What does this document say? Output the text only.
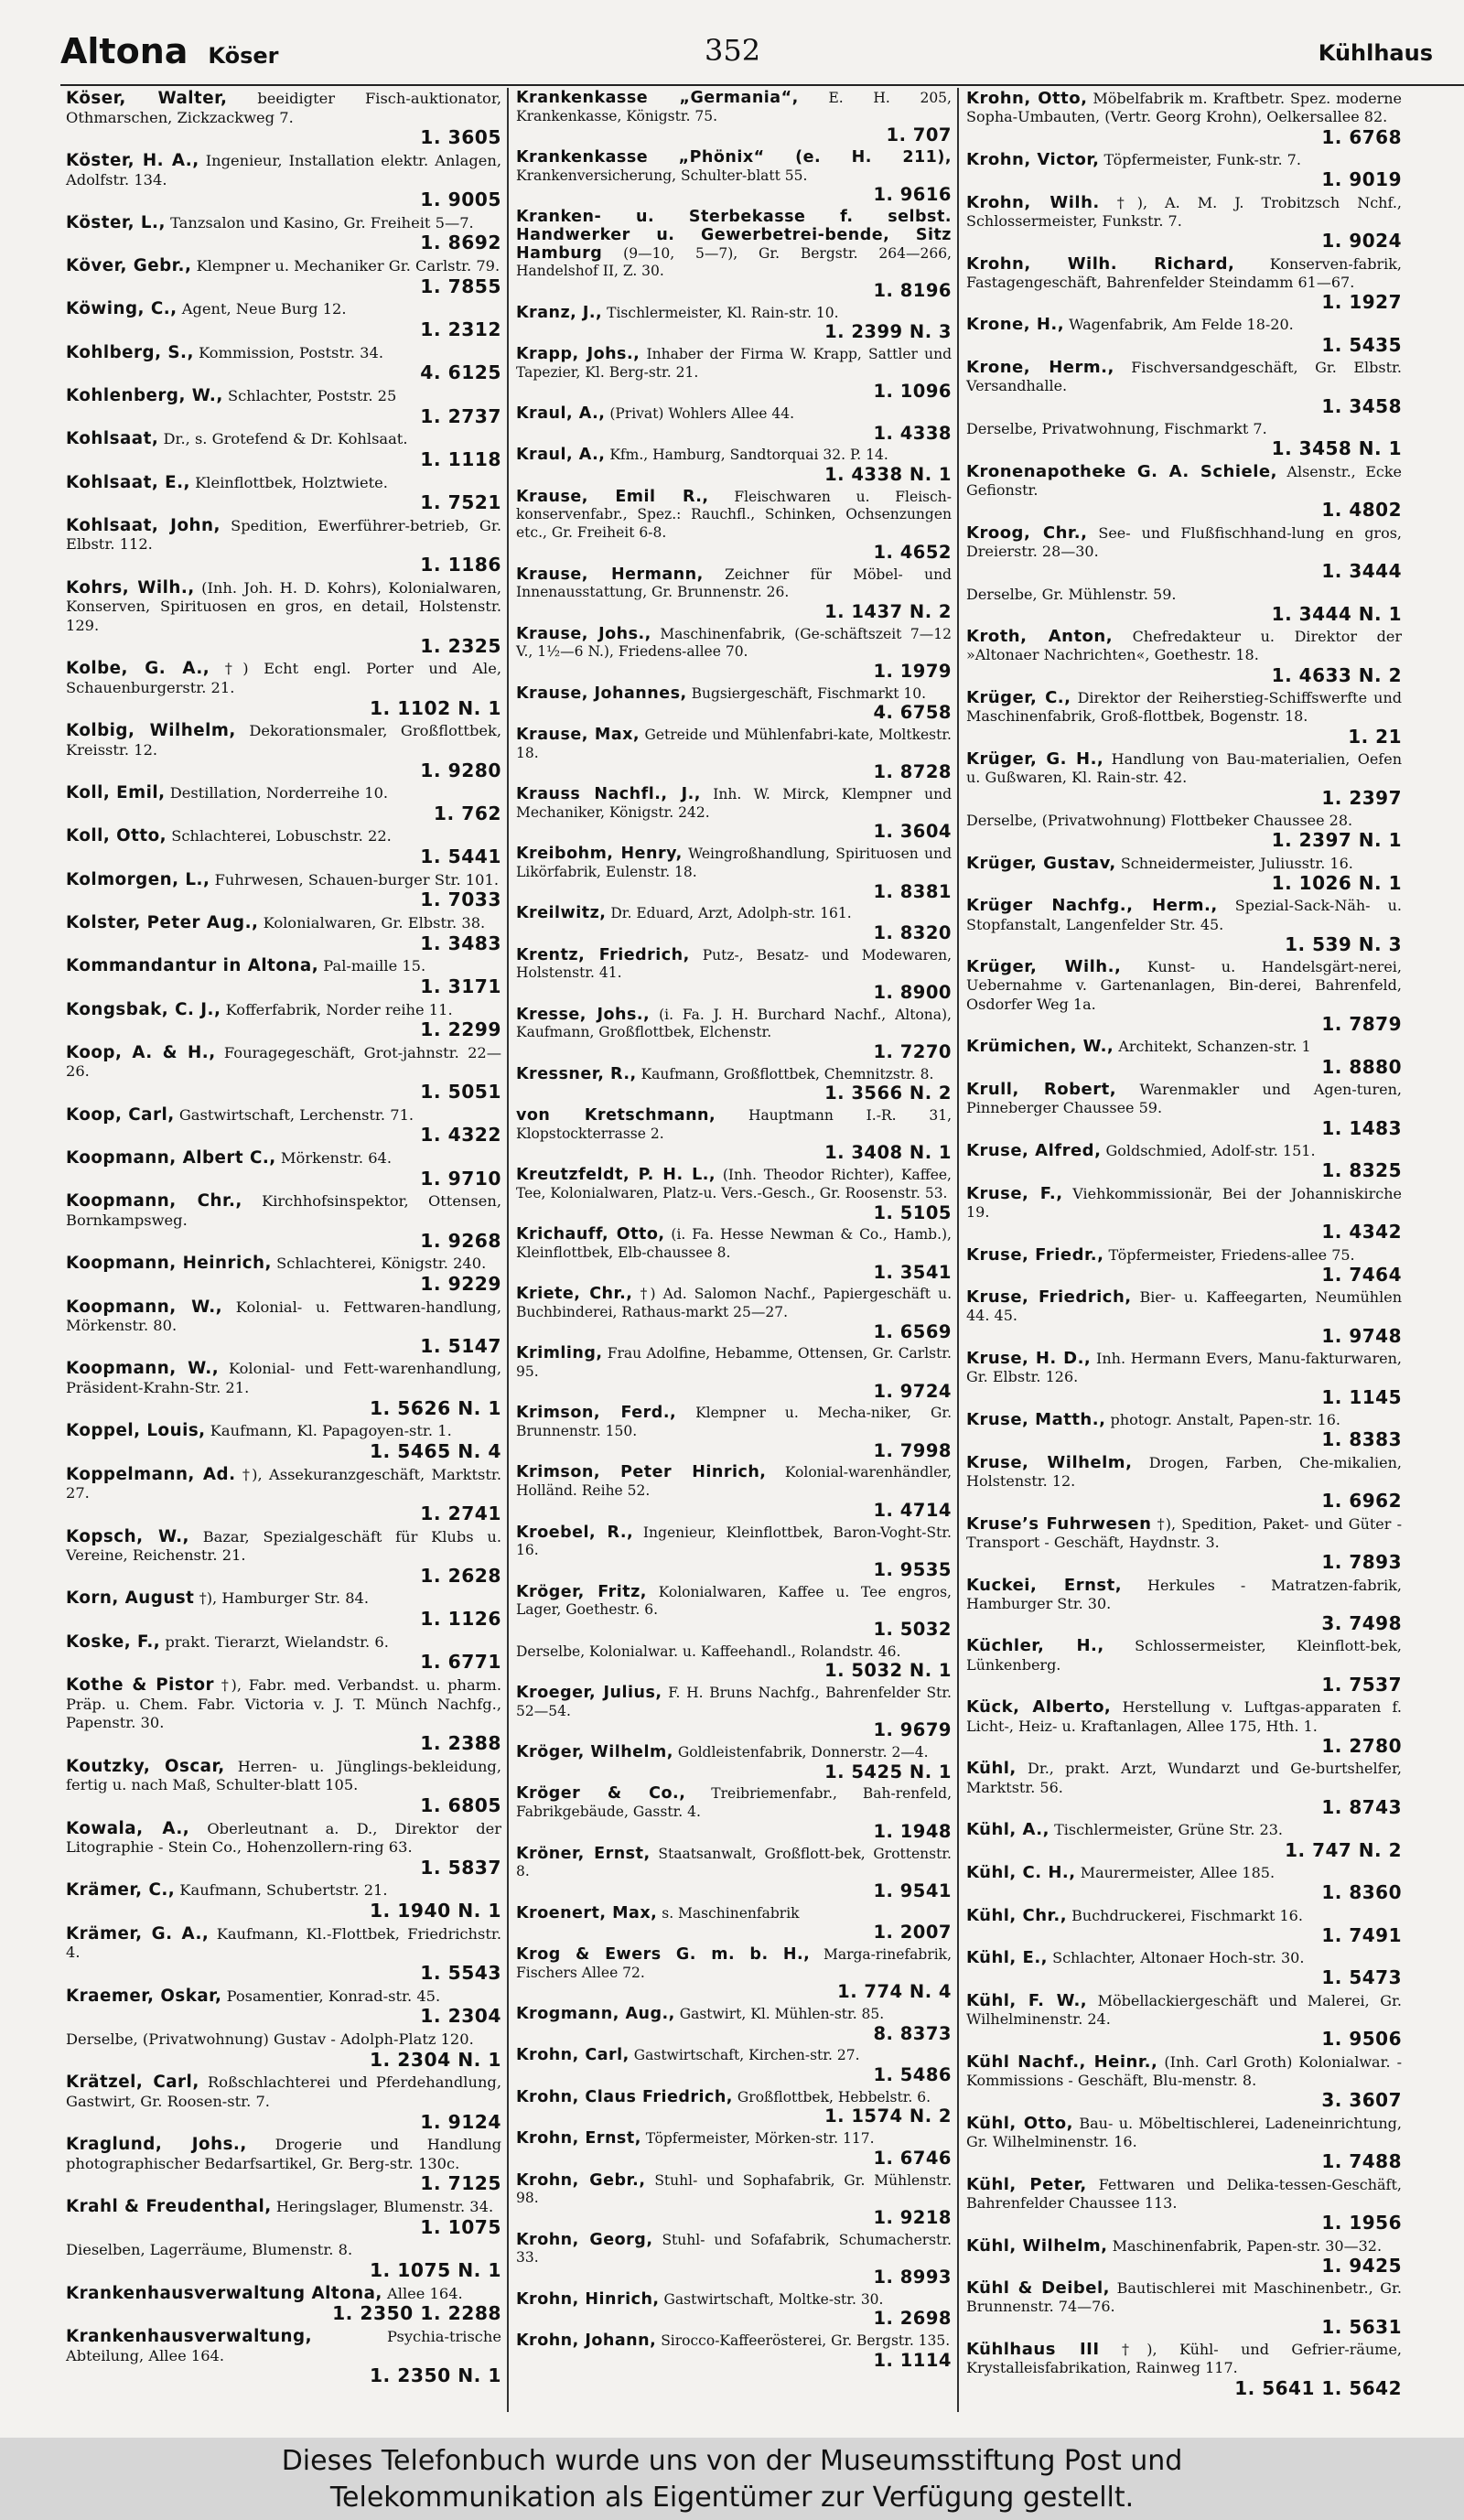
Altona Köser	352	Kühlhaus
Köser, Walter, beeidigter Fisch-auktionator, Othmarschen, Zickzackweg 7.
1. 3605
Köster, H. A., Ingenieur, Installation elektr. Anlagen, Adolfstr. 134.
1. 9005
Köster, L., Tanzsalon und Kasino, Gr. Freiheit 5—7.
1. 8692
Köver, Gebr., Klempner u. Mechaniker Gr. Carlstr. 79.
1. 7855
Köwing, C., Agent, Neue Burg 12.
1. 2312
Kohlberg, S., Kommission, Poststr. 34.
4. 6125
Kohlenberg, W., Schlachter, Poststr. 25
1. 2737
Kohlsaat, Dr., s. Grotefend & Dr. Kohlsaat.
1. 1118
Kohlsaat, E., Kleinflottbek, Holztwiete.
1. 7521
Kohlsaat, John, Spedition, Ewerführer-betrieb, Gr. Elbstr. 112.
1. 1186
Kohrs, Wilh., (Inh. Joh. H. D. Kohrs), Kolonialwaren, Konserven, Spirituosen en gros, en detail, Holstenstr. 129.
1. 2325
Kolbe, G. A., †) Echt engl. Porter und Ale, Schauenburgerstr. 21.
1. 1102 N. 1
Kolbig, Wilhelm, Dekorationsmaler, Großflottbek, Kreisstr. 12.
1. 9280
Koll, Emil, Destillation, Norderreihe 10.
1. 762
Koll, Otto, Schlachterei, Lobuschstr. 22.
1. 5441
Kolmorgen, L., Fuhrwesen, Schauen-burger Str. 101.
1. 7033
Kolster, Peter Aug., Kolonialwaren, Gr. Elbstr. 38.
1. 3483
Kommandantur in Altona, Pal-maille 15.
1. 3171
Kongsbak, C. J., Kofferfabrik, Norder reihe 11.
1. 2299
Koop, A. & H., Fouragegeschäft, Grot-jahnstr. 22—26.
1. 5051
Koop, Carl, Gastwirtschaft, Lerchenstr. 71.
1. 4322
Koopmann, Albert C., Mörkenstr. 64.
1. 9710
Koopmann, Chr., Kirchhofsinspektor, Ottensen, Bornkampsweg.
1. 9268
Koopmann, Heinrich, Schlachterei, Königstr. 240.
1. 9229
Koopmann, W., Kolonial- u. Fettwaren-handlung, Mörkenstr. 80.
1. 5147
Koopmann, W., Kolonial- und Fett-warenhandlung, Präsident-Krahn-Str. 21.
1. 5626 N. 1
Koppel, Louis, Kaufmann, Kl. Papagoyen-str. 1.
1. 5465 N. 4
Koppelmann, Ad. †), Assekuranzgeschäft, Marktstr. 27.
1. 2741
Kopsch, W., Bazar, Spezialgeschäft für Klubs u. Vereine, Reichenstr. 21.
1. 2628
Korn, August †), Hamburger Str. 84.
1. 1126
Koske, F., prakt. Tierarzt, Wielandstr. 6.
1. 6771
Kothe & Pistor †), Fabr. med. Verbandst. u. pharm. Präp. u. Chem. Fabr. Victoria v. J. T. Münch Nachfg., Papenstr. 30.
1. 2388
Koutzky, Oscar, Herren- u. Jünglings-bekleidung, fertig u. nach Maß, Schulter-blatt 105.
1. 6805
Kowala, A., Oberleutnant a. D., Direktor der Litographie - Stein Co., Hohenzollern-ring 63.
1. 5837
Krämer, C., Kaufmann, Schubertstr. 21.
1. 1940 N. 1
Krämer, G. A., Kaufmann, Kl.-Flottbek, Friedrichstr. 4.
1. 5543
Kraemer, Oskar, Posamentier, Konrad-str. 45.
1. 2304
Derselbe, (Privatwohnung) Gustav - Adolph-Platz 120.
1. 2304 N. 1
Krätzel, Carl, Roßschlachterei und Pferdehandlung, Gastwirt, Gr. Roosen-str. 7.
1. 9124
Kraglund, Johs., Drogerie und Handlung photographischer Bedarfsartikel, Gr. Berg-str. 130c.
1. 7125
Krahl & Freudenthal, Heringslager, Blumenstr. 34.
1. 1075
Dieselben, Lagerräume, Blumenstr. 8.
1. 1075 N. 1
Krankenhausverwaltung Altona, Allee 164.
1. 2350 1. 2288
Krankenhausverwaltung,	Psychia-trische Abteilung, Allee 164.
1. 2350 N. 1
Krankenkasse „Germania“, E. H. 205, Krankenkasse, Königstr. 75.
1. 707
Krankenkasse „Phönix“ (e. H. 211), Krankenversicherung, Schulter-blatt 55.
1. 9616
Kranken- u. Sterbekasse f. selbst. Handwerker u. Gewerbetrei-bende, Sitz Hamburg (9—10, 5—7), Gr. Bergstr. 264—266, Handelshof II, Z. 30.
1. 8196
Kranz, J., Tischlermeister, Kl. Rain-str. 10.
1. 2399 N. 3
Krapp, Johs., Inhaber der Firma W. Krapp, Sattler und Tapezier, Kl. Berg-str. 21.
1. 1096
Kraul, A., (Privat) Wohlers Allee 44.
1. 4338
Kraul, A., Kfm., Hamburg, Sandtorquai 32. P. 14.
1. 4338 N. 1
Krause, Emil R., Fleischwaren u. Fleisch-konservenfabr., Spez.: Rauchfl., Schinken, Ochsenzungen etc., Gr. Freiheit 6-8.
1. 4652
Krause, Hermann, Zeichner für Möbel- und Innenausstattung, Gr. Brunnenstr. 26.
1. 1437 N. 2
Krause, Johs., Maschinenfabrik, (Ge-schäftszeit 7—12 V., 1½—6 N.), Friedens-allee 70.
1. 1979
Krause, Johannes, Bugsiergeschäft, Fischmarkt 10.
4. 6758
Krause, Max, Getreide und Mühlenfabri-kate, Moltkestr. 18.
1. 8728
Krauss Nachfl., J., Inh. W. Mirck, Klempner und Mechaniker, Königstr. 242.
1. 3604
Kreibohm, Henry, Weingroßhandlung, Spirituosen und Likörfabrik, Eulenstr. 18.
1. 8381
Kreilwitz, Dr. Eduard, Arzt, Adolph-str. 161.
1. 8320
Krentz, Friedrich, Putz-, Besatz- und Modewaren, Holstenstr. 41.
1. 8900
Kresse, Johs., (i. Fa. J. H. Burchard Nachf., Altona), Kaufmann, Großflottbek, Elchenstr.
1. 7270
Kressner, R., Kaufmann, Großflottbek, Chemnitzstr. 8.
1. 3566 N. 2
von Kretschmann, Hauptmann I.-R. 31, Klopstockterrasse 2.
1. 3408 N. 1
Kreutzfeldt, P. H. L., (Inh. Theodor Richter), Kaffee, Tee, Kolonialwaren, Platz-u. Vers.-Gesch., Gr. Roosenstr. 53.
1. 5105
Krichauff, Otto, (i. Fa. Hesse Newman & Co., Hamb.), Kleinflottbek, Elb-chaussee 8.
1. 3541
Kriete, Chr., †) Ad. Salomon Nachf., Papiergeschäft u. Buchbinderei, Rathaus-markt 25—27.
1. 6569
Krimling, Frau Adolfine, Hebamme, Ottensen, Gr. Carlstr. 95.
1. 9724
Krimson, Ferd., Klempner u. Mecha-niker, Gr. Brunnenstr. 150.
1. 7998
Krimson, Peter Hinrich, Kolonial-warenhändler, Holländ. Reihe 52.
1. 4714
Kroebel, R., Ingenieur, Kleinflottbek, Baron-Voght-Str. 16.
1. 9535
Kröger, Fritz, Kolonialwaren, Kaffee u. Tee engros, Lager, Goethestr. 6.
1. 5032
Derselbe, Kolonialwar. u. Kaffeehandl., Rolandstr. 46.
1. 5032 N. 1
Kroeger, Julius, F. H. Bruns Nachfg., Bahrenfelder Str. 52—54.
1. 9679
Kröger, Wilhelm, Goldleistenfabrik, Donnerstr. 2—4.
1. 5425 N. 1
Kröger & Co., Treibriemenfabr., Bah-renfeld, Fabrikgebäude, Gasstr. 4.
1. 1948
Kröner, Ernst, Staatsanwalt, Großflott-bek, Grottenstr. 8.
1. 9541
Kroenert, Max, s. Maschinenfabrik
1. 2007
Krog & Ewers G. m. b. H., Marga-rinefabrik, Fischers Allee 72.
1. 774 N. 4
Krogmann, Aug., Gastwirt, Kl. Mühlen-str. 85.
8. 8373
Krohn, Carl, Gastwirtschaft, Kirchen-str. 27.
1. 5486
Krohn, Claus Friedrich, Großflottbek, Hebbelstr. 6.
1. 1574 N. 2
Krohn, Ernst, Töpfermeister, Mörken-str. 117.
1. 6746
Krohn, Gebr., Stuhl- und Sophafabrik, Gr. Mühlenstr. 98.
1. 9218
Krohn, Georg, Stuhl- und Sofafabrik, Schumacherstr. 33.
1. 8993
Krohn, Hinrich, Gastwirtschaft, Moltke-str. 30.
1. 2698
Krohn, Johann, Sirocco-Kaffeerösterei, Gr. Bergstr. 135.
1. 1114
Krohn, Otto, Möbelfabrik m. Kraftbetr. Spez. moderne Sopha-Umbauten, (Vertr. Georg Krohn), Oelkersallee 82.
1. 6768
Krohn, Victor, Töpfermeister, Funk-str. 7.
1. 9019
Krohn, Wilh. †), A. M. J. Trobitzsch Nchf., Schlossermeister, Funkstr. 7.
1. 9024
Krohn, Wilh. Richard, Konserven-fabrik, Fastagengeschäft, Bahrenfelder Steindamm 61—67.
1. 1927
Krone, H., Wagenfabrik, Am Felde 18-20.
1. 5435
Krone, Herm., Fischversandgeschäft, Gr. Elbstr. Versandhalle.
1. 3458
Derselbe, Privatwohnung, Fischmarkt 7.
1. 3458 N. 1
Kronenapotheke G. A. Schiele, Alsenstr., Ecke Gefionstr.
1. 4802
Kroog, Chr., See- und Flußfischhand-lung en gros, Dreierstr. 28—30.
1. 3444
Derselbe, Gr. Mühlenstr. 59.
1. 3444 N. 1
Kroth, Anton, Chefredakteur u. Direktor der »Altonaer Nachrichten«, Goethestr. 18.
1. 4633 N. 2
Krüger, C., Direktor der Reiherstieg-Schiffswerfte und Maschinenfabrik, Groß-flottbek, Bogenstr. 18.
1. 21
Krüger, G. H., Handlung von Bau-materialien, Oefen u. Gußwaren, Kl. Rain-str. 42.
1. 2397
Derselbe, (Privatwohnung) Flottbeker Chaussee 28.
1. 2397 N. 1
Krüger, Gustav, Schneidermeister, Juliusstr. 16.
1. 1026 N. 1
Krüger Nachfg., Herm., Spezial-Sack-Näh- u. Stopfanstalt, Langenfelder Str. 45.
1. 539 N. 3
Krüger, Wilh., Kunst- u. Handelsgärt-nerei, Uebernahme v. Gartenanlagen, Bin-derei, Bahrenfeld, Osdorfer Weg 1a.
1. 7879
Krümichen, W., Architekt, Schanzen-str. 1
1. 8880
Krull, Robert, Warenmakler und Agen-turen, Pinneberger Chaussee 59.
1. 1483
Kruse, Alfred, Goldschmied, Adolf-str. 151.
1. 8325
Kruse, F., Viehkommissionär, Bei der Johanniskirche 19.
1. 4342
Kruse, Friedr., Töpfermeister, Friedens-allee 75.
1. 7464
Kruse, Friedrich, Bier- u. Kaffeegarten, Neumühlen 44. 45.
1. 9748
Kruse, H. D., Inh. Hermann Evers, Manu-fakturwaren, Gr. Elbstr. 126.
1. 1145
Kruse, Matth., photogr. Anstalt, Papen-str. 16.
1. 8383
Kruse, Wilhelm, Drogen, Farben, Che-mikalien, Holstenstr. 12.
1. 6962
Kruse’s Fuhrwesen †), Spedition, Paket- und Güter - Transport - Geschäft, Haydnstr. 3.
1. 7893
Kuckei, Ernst, Herkules - Matratzen-fabrik, Hamburger Str. 30.
3. 7498
Küchler, H., Schlossermeister, Kleinflott-bek, Lünkenberg.
1. 7537
Kück, Alberto, Herstellung v. Luftgas-apparaten f. Licht-, Heiz- u. Kraftanlagen, Allee 175, Hth. 1.
1. 2780
Kühl, Dr., prakt. Arzt, Wundarzt und Ge-burtshelfer, Marktstr. 56.
1. 8743
Kühl, A., Tischlermeister, Grüne Str. 23.
1. 747 N. 2
Kühl, C. H., Maurermeister, Allee 185.
1. 8360
Kühl, Chr., Buchdruckerei, Fischmarkt 16.
1. 7491
Kühl, E., Schlachter, Altonaer Hoch-str. 30.
1. 5473
Kühl, F. W., Möbellackiergeschäft und Malerei, Gr. Wilhelminenstr. 24.
1. 9506
Kühl Nachf., Heinr., (Inh. Carl Groth) Kolonialwar. - Kommissions - Geschäft, Blu-menstr. 8.
3. 3607
Kühl, Otto, Bau- u. Möbeltischlerei, Ladeneinrichtung, Gr. Wilhelminenstr. 16.
1. 7488
Kühl, Peter, Fettwaren und Delika-tessen-Geschäft, Bahrenfelder Chaussee 113.
1. 1956
Kühl, Wilhelm, Maschinenfabrik, Papen-str. 30—32.
1. 9425
Kühl & Deibel, Bautischlerei mit Maschinenbetr., Gr. Brunnenstr. 74—76.
1. 5631
Kühlhaus III †), Kühl- und Gefrier-räume, Krystalleisfabrikation, Rainweg 117.
1. 5641 1. 5642
Dieses Telefonbuch wurde uns von der Museumsstiftung Post und
Telekommunikation als Eigentümer zur Verfügung gestellt.
